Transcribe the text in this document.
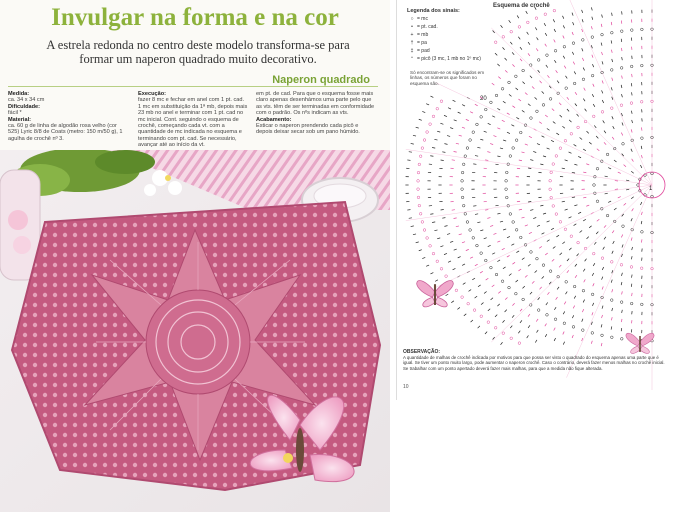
Invulgar na forma e na cor

A estrela redonda no centro deste modelo transforma-se para formar um naperon quadrado muito decorativo.

Naperon quadrado
Medida:
ca. 34 x 34 cm
Dificuldade:
fácil *
Material:
ca. 60 g de linha de algodão rosa velho (cor 525) Lyric 8/8 de Coats (metro: 150 m/50 g), 1 agulha de crochê nº 3.
Execução:
fazer 8 mc e fechar em anel com 1 pt. cad. 1 mc em substituição da 1ª mb, depois mais 23 mb no anel e terminar com 1 pt. cad no mc inicial. Cont. seguindo o esquema de crochê, começando cada vt. com a quantidade de mc indicada no esquema e terminando com pt. cad. Se necessário, avançar até ao início da vt.
em pt. de cad. Para que o esquema fosse mais claro apenas desenhámos uma parte pelo que as vts. têm de ser terminadas em conformidade com o padrão. Os nºs indicam as vts.
Acabamento:
Esticar o naperon prendendo cada picô e depois deixar secar sob um pano húmido.
20
1
Esquema de crochê
Legenda dos sinais:
○ = mc
• = pt. cad.
+ = mb
† = pa
‡ = pad
ᐤ = picô (3 mc, 1 mb no 1º mc)
Só encontram-se os significados em linhas, os números que foram no esquema são.
OBSERVAÇÃO:
A quantidade de malhas de crochê indicada por motivos para que possa ser visto o quadrado do esquema apenas uma parte que é igual. Se tiver um ponto muito largo, pode aumentar o naperon crochê. Caso o contrário, deverá fazer menos malhas no crochê inicial. Se trabalhar com um ponto apertado deverá fazer mais malhas, para que a medida não fique alterada.
10
